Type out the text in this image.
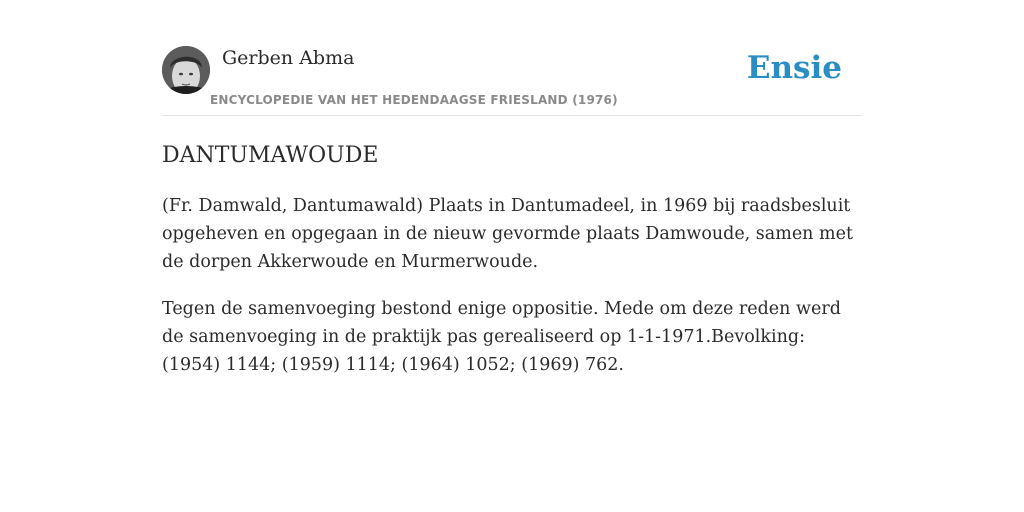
Gerben Abma
ENCYCLOPEDIE VAN HET HEDENDAAGSE FRIESLAND (1976)
Ensie
DANTUMAWOUDE

(Fr. Damwald, Dantumawald) Plaats in Dantumadeel, in 1969 bij raadsbesluit opgeheven en opgegaan in de nieuw gevormde plaats Damwoude, samen met de dorpen Akkerwoude en Murmerwoude.

Tegen de samenvoeging bestond enige oppositie. Mede om deze reden werd de samenvoeging in de praktijk pas gerealiseerd op 1-1-1971.Bevolking: (1954) 1144; (1959) 1114; (1964) 1052; (1969) 762.
